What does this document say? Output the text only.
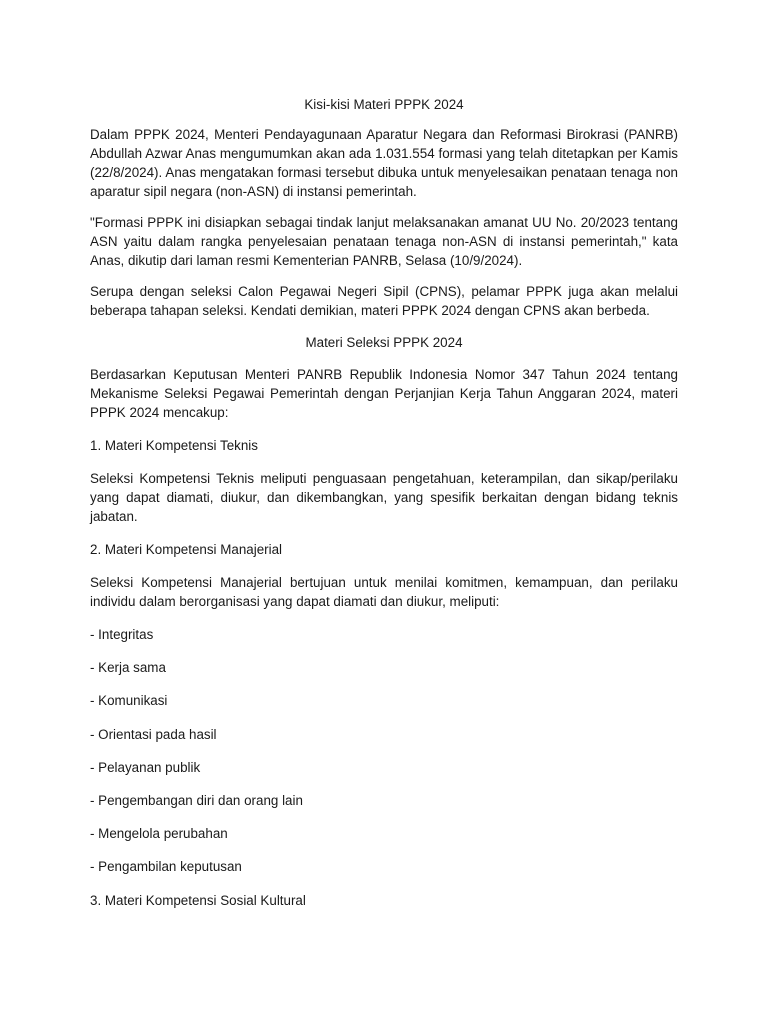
Kisi-kisi Materi PPPK 2024

Dalam PPPK 2024, Menteri Pendayagunaan Aparatur Negara dan Reformasi Birokrasi (PANRB) Abdullah Azwar Anas mengumumkan akan ada 1.031.554 formasi yang telah ditetapkan per Kamis (22/8/2024). Anas mengatakan formasi tersebut dibuka untuk menyelesaikan penataan tenaga non aparatur sipil negara (non-ASN) di instansi pemerintah.

"Formasi PPPK ini disiapkan sebagai tindak lanjut melaksanakan amanat UU No. 20/2023 tentang ASN yaitu dalam rangka penyelesaian penataan tenaga non-ASN di instansi pemerintah," kata Anas, dikutip dari laman resmi Kementerian PANRB, Selasa (10/9/2024).

Serupa dengan seleksi Calon Pegawai Negeri Sipil (CPNS), pelamar PPPK juga akan melalui beberapa tahapan seleksi. Kendati demikian, materi PPPK 2024 dengan CPNS akan berbeda.

Materi Seleksi PPPK 2024

Berdasarkan Keputusan Menteri PANRB Republik Indonesia Nomor 347 Tahun 2024 tentang Mekanisme Seleksi Pegawai Pemerintah dengan Perjanjian Kerja Tahun Anggaran 2024, materi PPPK 2024 mencakup:

1. Materi Kompetensi Teknis

Seleksi Kompetensi Teknis meliputi penguasaan pengetahuan, keterampilan, dan sikap/perilaku yang dapat diamati, diukur, dan dikembangkan, yang spesifik berkaitan dengan bidang teknis jabatan.

2. Materi Kompetensi Manajerial

Seleksi Kompetensi Manajerial bertujuan untuk menilai komitmen, kemampuan, dan perilaku individu dalam berorganisasi yang dapat diamati dan diukur, meliputi:

- Integritas
- Kerja sama
- Komunikasi
- Orientasi pada hasil
- Pelayanan publik
- Pengembangan diri dan orang lain
- Mengelola perubahan
- Pengambilan keputusan
3. Materi Kompetensi Sosial Kultural
